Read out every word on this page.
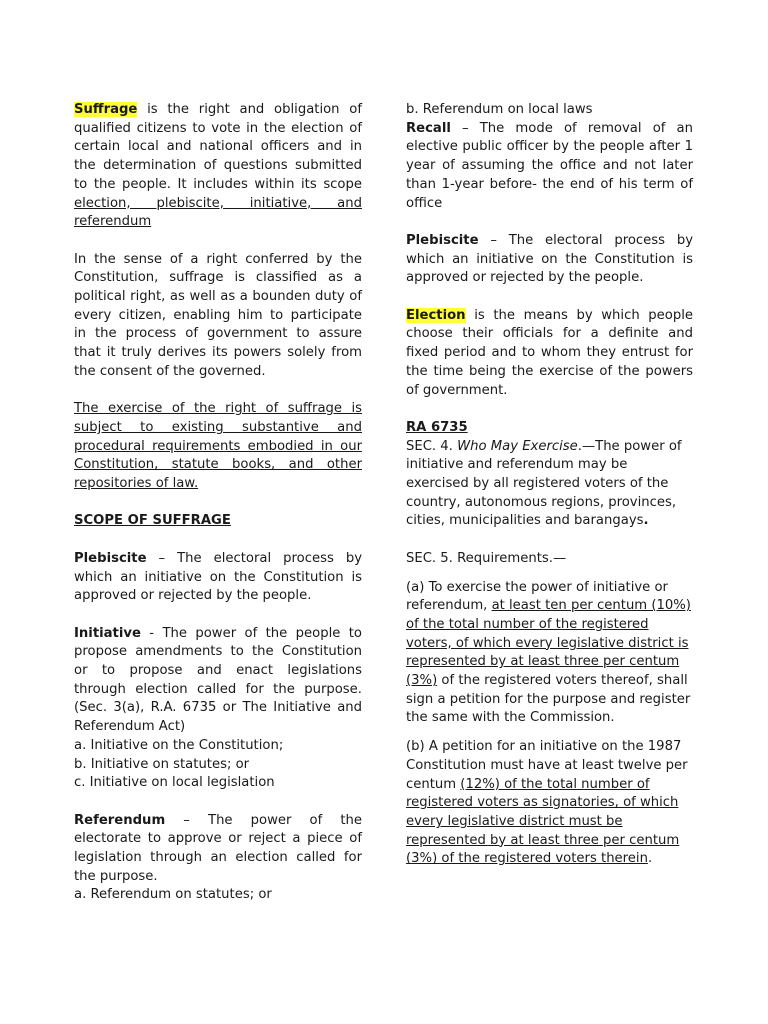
Suffrage is the right and obligation of qualified citizens to vote in the election of certain local and national officers and in the determination of questions submitted to the people. It includes within its scope election, plebiscite, initiative, and referendum

In the sense of a right conferred by the Constitution, suffrage is classified as a political right, as well as a bounden duty of every citizen, enabling him to participate in the process of government to assure that it truly derives its powers solely from the consent of the governed.

The exercise of the right of suffrage is subject to existing substantive and procedural requirements embodied in our Constitution, statute books, and other repositories of law.

SCOPE OF SUFFRAGE

Plebiscite – The electoral process by which an initiative on the Constitution is approved or rejected by the people.

Initiative - The power of the people to propose amendments to the Constitution or to propose and enact legislations through election called for the purpose. (Sec. 3(a), R.A. 6735 or The Initiative and Referendum Act)

a. Initiative on the Constitution;
b. Initiative on statutes; or
c. Initiative on local legislation

Referendum – The power of the electorate to approve or reject a piece of legislation through an election called for the purpose.

a. Referendum on statutes; or

b. Referendum on local laws

Recall – The mode of removal of an elective public officer by the people after 1 year of assuming the office and not later than 1-year before- the end of his term of office

Plebiscite – The electoral process by which an initiative on the Constitution is approved or rejected by the people.

Election is the means by which people choose their officials for a definite and fixed period and to whom they entrust for the time being the exercise of the powers of government.

RA 6735

SEC. 4. Who May Exercise.—The power of initiative and referendum may be exercised by all registered voters of the country, autonomous regions, provinces, cities, municipalities and barangays.

SEC. 5. Requirements.—

(a) To exercise the power of initiative or referendum, at least ten per centum (10%) of the total number of the registered voters, of which every legislative district is represented by at least three per centum (3%) of the registered voters thereof, shall sign a petition for the purpose and register the same with the Commission.

(b) A petition for an initiative on the 1987 Constitution must have at least twelve per centum (12%) of the total number of registered voters as signatories, of which every legislative district must be represented by at least three per centum (3%) of the registered voters therein.
